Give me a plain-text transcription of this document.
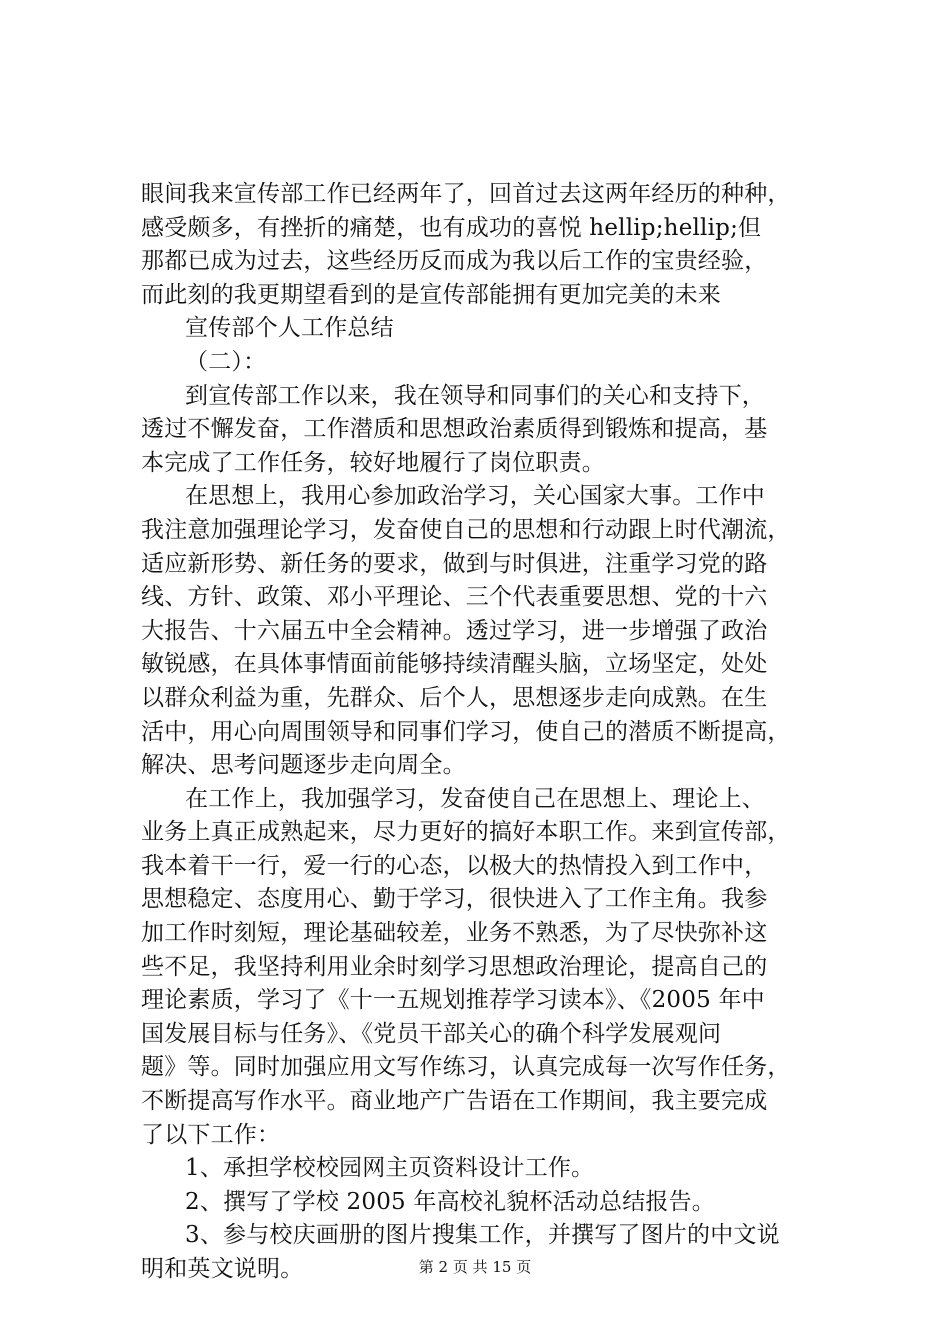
眼间我来宣传部工作已经两年了，回首过去这两年经历的种种，
感受颇多，有挫折的痛楚，也有成功的喜悦 hellip;hellip;但
那都已成为过去，这些经历反而成为我以后工作的宝贵经验，
而此刻的我更期望看到的是宣传部能拥有更加完美的未来
宣传部个人工作总结
（二）：
到宣传部工作以来，我在领导和同事们的关心和支持下，
透过不懈发奋，工作潜质和思想政治素质得到锻炼和提高，基
本完成了工作任务，较好地履行了岗位职责。
在思想上，我用心参加政治学习，关心国家大事。工作中
我注意加强理论学习，发奋使自己的思想和行动跟上时代潮流，
适应新形势、新任务的要求，做到与时俱进，注重学习党的路
线、方针、政策、邓小平理论、三个代表重要思想、党的十六
大报告、十六届五中全会精神。透过学习，进一步增强了政治
敏锐感，在具体事情面前能够持续清醒头脑，立场坚定，处处
以群众利益为重，先群众、后个人，思想逐步走向成熟。在生
活中，用心向周围领导和同事们学习，使自己的潜质不断提高，
解决、思考问题逐步走向周全。
在工作上，我加强学习，发奋使自己在思想上、理论上、
业务上真正成熟起来，尽力更好的搞好本职工作。来到宣传部，
我本着干一行，爱一行的心态，以极大的热情投入到工作中，
思想稳定、态度用心、勤于学习，很快进入了工作主角。我参
加工作时刻短，理论基础较差，业务不熟悉，为了尽快弥补这
些不足，我坚持利用业余时刻学习思想政治理论，提高自己的
理论素质，学习了《十一五规划推荐学习读本》、《2005 年中
国发展目标与任务》、《党员干部关心的确个科学发展观问
题》等。同时加强应用文写作练习，认真完成每一次写作任务，
不断提高写作水平。商业地产广告语在工作期间，我主要完成
了以下工作：
1、承担学校校园网主页资料设计工作。
2、撰写了学校 2005 年高校礼貌杯活动总结报告。
3、参与校庆画册的图片搜集工作，并撰写了图片的中文说
明和英文说明。	第 2 页 共 15 页
